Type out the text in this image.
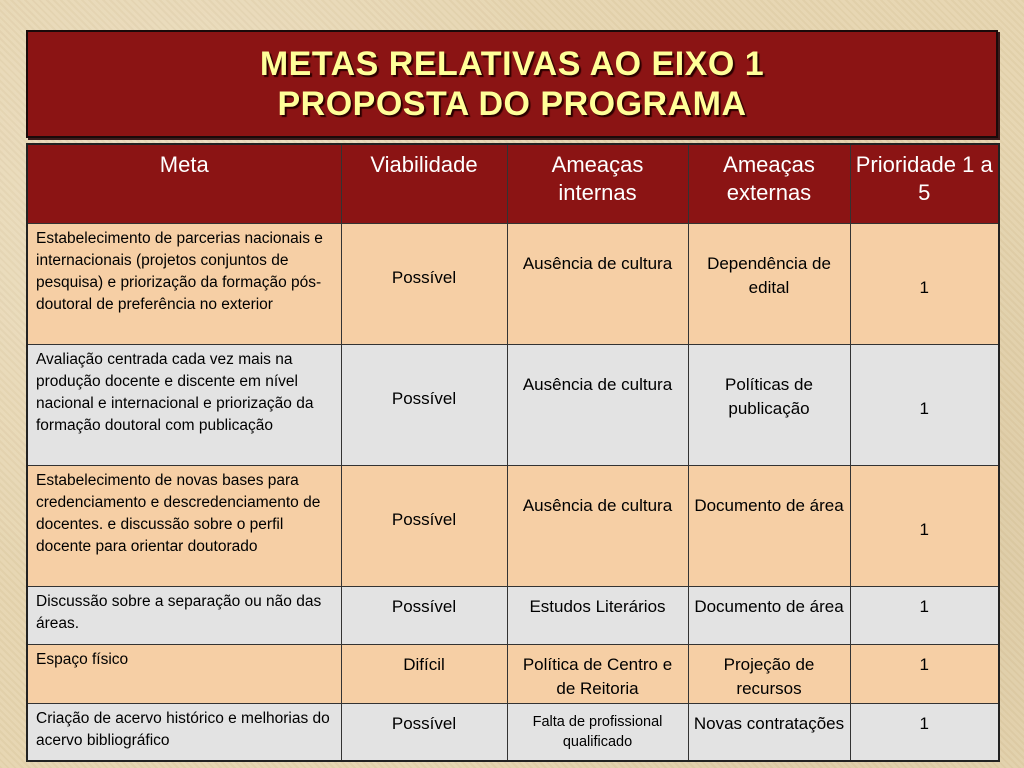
METAS RELATIVAS AO EIXO 1
PROPOSTA DO PROGRAMA
Meta	Viabilidade	Ameaças internas	Ameaças externas	Prioridade 1 a 5
Estabelecimento de parcerias nacionais e internacionais (projetos conjuntos de pesquisa) e priorização da formação pós-doutoral de preferência no exterior	Possível	Ausência de cultura	Dependência de edital	1
Avaliação centrada cada vez mais na produção docente e discente em nível nacional e internacional e priorização da formação doutoral com publicação	Possível	Ausência de cultura	Políticas de publicação	1
Estabelecimento de novas bases para credenciamento e descredenciamento de docentes. e discussão sobre o perfil docente para orientar doutorado	Possível	Ausência de cultura	Documento de área	1
Discussão sobre a separação ou não das áreas.	Possível	Estudos Literários	Documento de área	1
Espaço físico	Difícil	Política de Centro e de Reitoria	Projeção de recursos	1
Criação de acervo histórico e melhorias do acervo bibliográfico	Possível	Falta de profissional qualificado	Novas contratações	1
